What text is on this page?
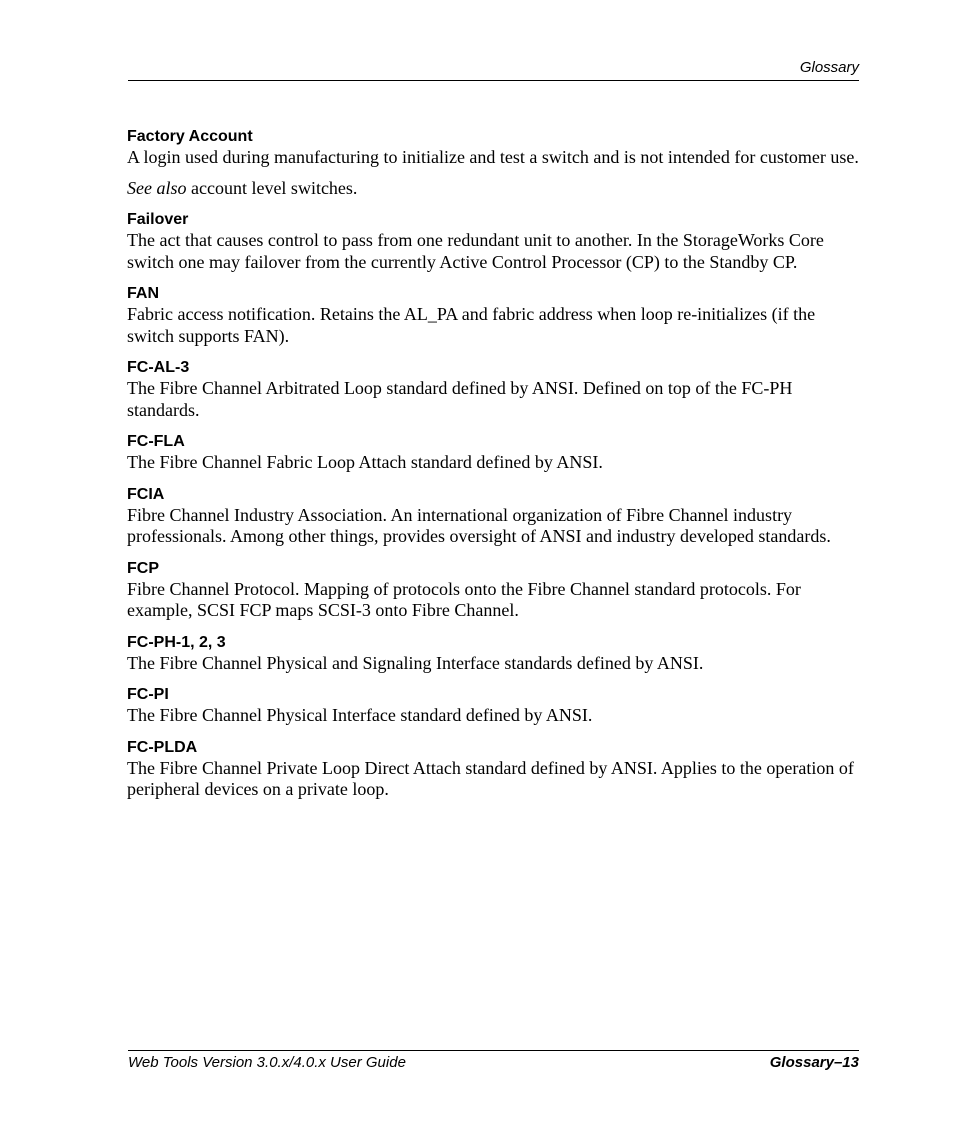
Glossary
Factory Account

A login used during manufacturing to initialize and test a switch and is not intended for customer use.

See also account level switches.

Failover

The act that causes control to pass from one redundant unit to another. In the StorageWorks Core switch one may failover from the currently Active Control Processor (CP) to the Standby CP.

FAN

Fabric access notification. Retains the AL_PA and fabric address when loop re-initializes (if the switch supports FAN).

FC-AL-3

The Fibre Channel Arbitrated Loop standard defined by ANSI. Defined on top of the FC-PH standards.

FC-FLA

The Fibre Channel Fabric Loop Attach standard defined by ANSI.

FCIA

Fibre Channel Industry Association. An international organization of Fibre Channel industry professionals. Among other things, provides oversight of ANSI and industry developed standards.

FCP

Fibre Channel Protocol. Mapping of protocols onto the Fibre Channel standard protocols. For example, SCSI FCP maps SCSI-3 onto Fibre Channel.

FC-PH-1, 2, 3

The Fibre Channel Physical and Signaling Interface standards defined by ANSI.

FC-PI

The Fibre Channel Physical Interface standard defined by ANSI.

FC-PLDA

The Fibre Channel Private Loop Direct Attach standard defined by ANSI. Applies to the operation of peripheral devices on a private loop.

Web Tools Version 3.0.x/4.0.x User Guide	Glossary–13
